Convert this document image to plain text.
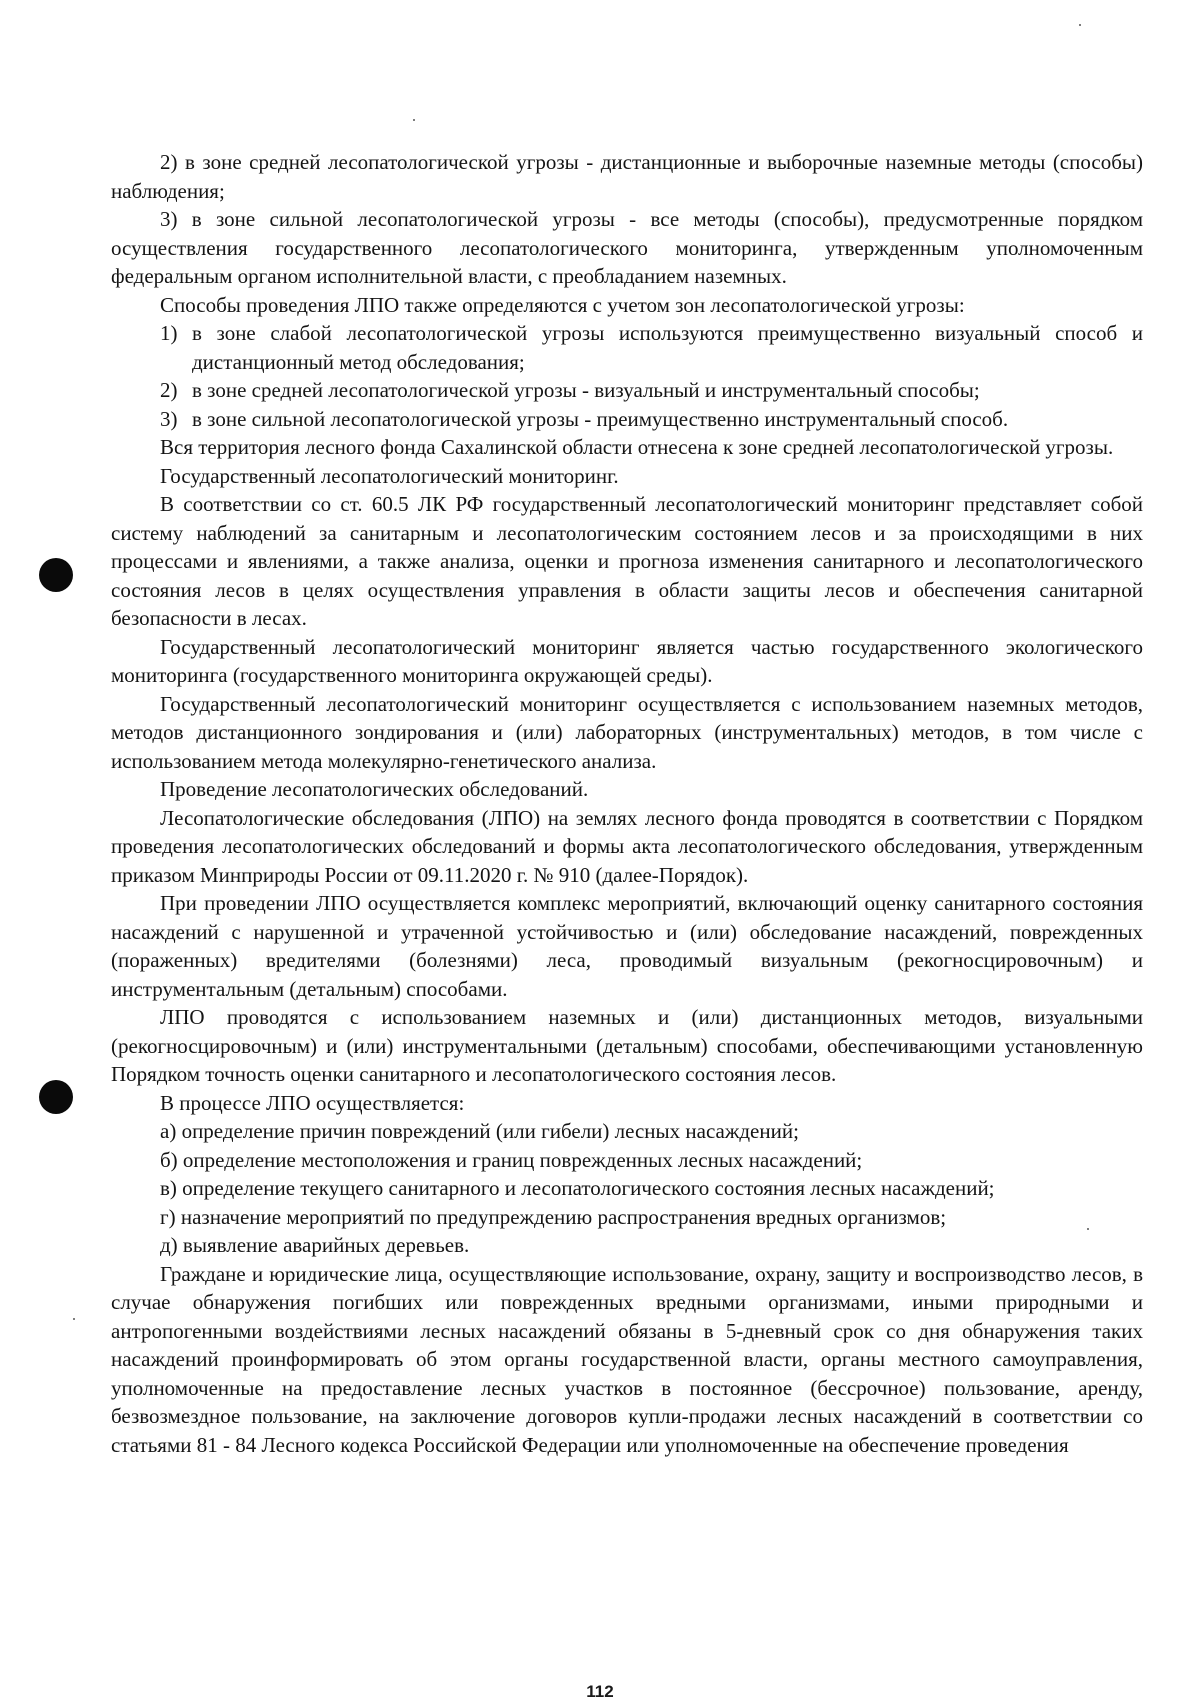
2) в зоне средней лесопатологической угрозы - дистанционные и выборочные наземные методы (способы) наблюдения;

3) в зоне сильной лесопатологической угрозы - все методы (способы), предусмотренные порядком осуществления государственного лесопатологического мониторинга, утвержденным уполномоченным федеральным органом исполнительной власти, с преобладанием наземных.

Способы проведения ЛПО также определяются с учетом зон лесопатологической угрозы:

1) в зоне слабой лесопатологической угрозы используются преимущественно визуальный способ и дистанционный метод обследования;
2) в зоне средней лесопатологической угрозы - визуальный и инструментальный способы;
3) в зоне сильной лесопатологической угрозы - преимущественно инструментальный способ.

Вся территория лесного фонда Сахалинской области отнесена к зоне средней лесопатологической угрозы.

Государственный лесопатологический мониторинг.

В соответствии со ст. 60.5 ЛК РФ государственный лесопатологический мониторинг представляет собой систему наблюдений за санитарным и лесопатологическим состоянием лесов и за происходящими в них процессами и явлениями, а также анализа, оценки и прогноза изменения санитарного и лесопатологического состояния лесов в целях осуществления управления в области защиты лесов и обеспечения санитарной безопасности в лесах.

Государственный лесопатологический мониторинг является частью государственного экологического мониторинга (государственного мониторинга окружающей среды).

Государственный лесопатологический мониторинг осуществляется с использованием наземных методов, методов дистанционного зондирования и (или) лабораторных (инструментальных) методов, в том числе с использованием метода молекулярно-генетического анализа.

Проведение лесопатологических обследований.

Лесопатологические обследования (ЛПО) на землях лесного фонда проводятся в соответствии с Порядком проведения лесопатологических обследований и формы акта лесопатологического обследования, утвержденным приказом Минприроды России от 09.11.2020 г. № 910 (далее-Порядок).

При проведении ЛПО осуществляется комплекс мероприятий, включающий оценку санитарного состояния насаждений с нарушенной и утраченной устойчивостью и (или) обследование насаждений, поврежденных (пораженных) вредителями (болезнями) леса, проводимый визуальным (рекогносцировочным) и инструментальным (детальным) способами.

ЛПО проводятся с использованием наземных и (или) дистанционных методов, визуальными (рекогносцировочным) и (или) инструментальными (детальным) способами, обеспечивающими установленную Порядком точность оценки санитарного и лесопатологического состояния лесов.

В процессе ЛПО осуществляется:

а) определение причин повреждений (или гибели) лесных насаждений;

б) определение местоположения и границ поврежденных лесных насаждений;

в) определение текущего санитарного и лесопатологического состояния лесных насаждений;

г) назначение мероприятий по предупреждению распространения вредных организмов;

д) выявление аварийных деревьев.

Граждане и юридические лица, осуществляющие использование, охрану, защиту и воспроизводство лесов, в случае обнаружения погибших или поврежденных вредными организмами, иными природными и антропогенными воздействиями лесных насаждений обязаны в 5-дневный срок со дня обнаружения таких насаждений проинформировать об этом органы государственной власти, органы местного самоуправления, уполномоченные на предоставление лесных участков в постоянное (бессрочное) пользование, аренду, безвозмездное пользование, на заключение договоров купли-продажи лесных насаждений в соответствии со статьями 81 - 84 Лесного кодекса Российской Федерации или уполномоченные на обеспечение проведения

112
